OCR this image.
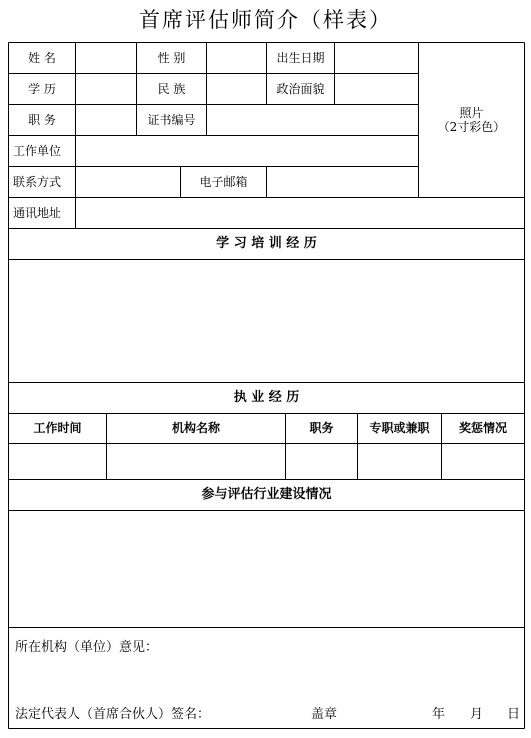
首席评估师简介（样表）
姓 名	性 别	出生日期
学 历	民 族	政治面貌
职 务	证书编号
照片
（2寸彩色）
工作单位
联系方式	电子邮箱
通讯地址
学 习 培 训 经 历
执 业 经 历
工作时间	机构名称	职务	专职或兼职	奖惩情况
参与评估行业建设情况
所在机构（单位）意见：
法定代表人（首席合伙人）签名：	盖章	年 月 日
